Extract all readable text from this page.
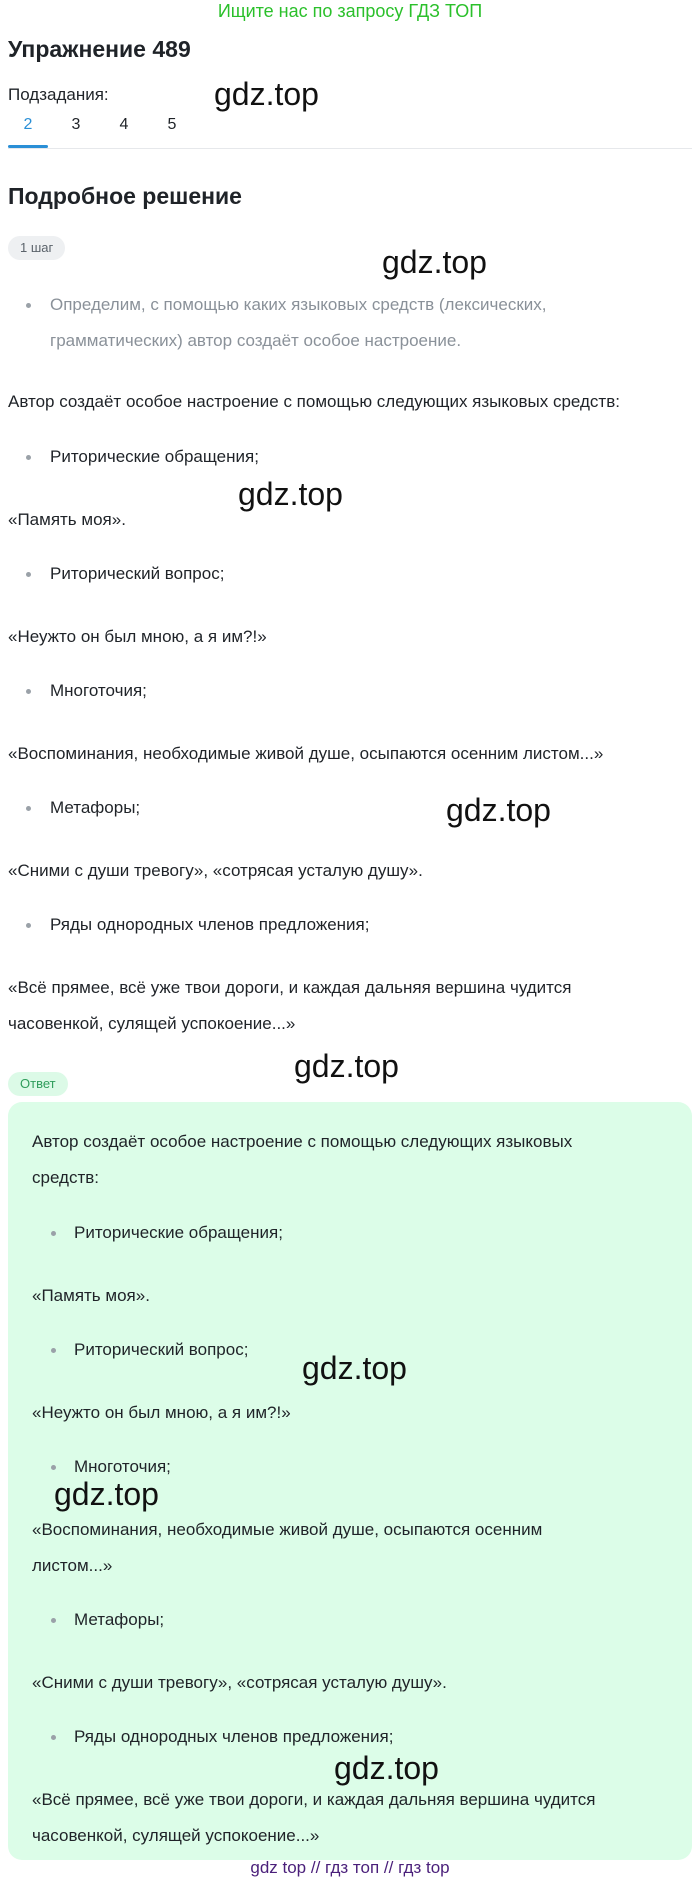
Ищите нас по запросу ГДЗ ТОП
Упражнение 489
Подзадания:
2	3	4	5
Подробное решение
1 шаг
Определим, с помощью каких языковых средств (лексических,
грамматических) автор создаёт особое настроение.
Автор создаёт особое настроение с помощью следующих языковых средств:
Риторические обращения;
«Память моя».
Риторический вопрос;
«Неужто он был мною, а я им?!»
Многоточия;
«Воспоминания, необходимые живой душе, осыпаются осенним листом...»
Метафоры;
«Сними с души тревогу», «сотрясая усталую душу».
Ряды однородных членов предложения;
«Всё прямее, всё уже твои дороги, и каждая дальняя вершина чудится
часовенкой, сулящей успокоение...»
Ответ
Автор создаёт особое настроение с помощью следующих языковых
средств:
Риторические обращения;
«Память моя».
Риторический вопрос;
«Неужто он был мною, а я им?!»
Многоточия;
«Воспоминания, необходимые живой душе, осыпаются осенним
листом...»
Метафоры;
«Сними с души тревогу», «сотрясая усталую душу».
Ряды однородных членов предложения;
«Всё прямее, всё уже твои дороги, и каждая дальняя вершина чудится
часовенкой, сулящей успокоение...»
gdz.top
gdz.top
gdz.top
gdz.top
gdz.top
gdz.top
gdz.top
gdz.top
gdz top // гдз топ // гдз top
